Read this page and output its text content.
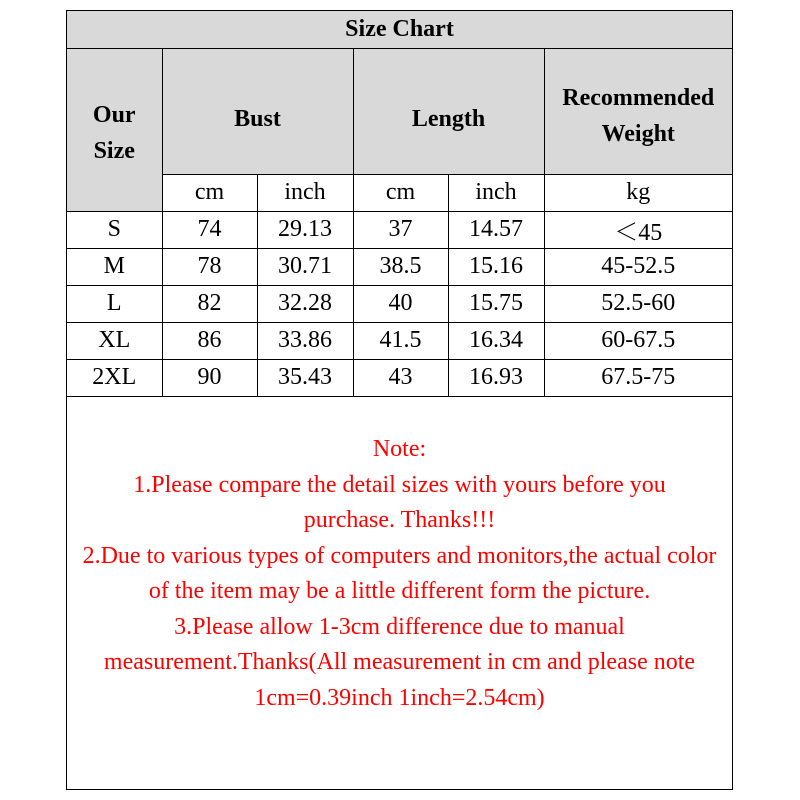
Size Chart					

Our Size	Bust		Length		Recommended Weight

	cm	inch	cm	inch	kg
S	74	29.13	37	14.57	＜45
M	78	30.71	38.5	15.16	45-52.5
L	82	32.28	40	15.75	52.5-60
XL	86	33.86	41.5	16.34	60-67.5
2XL	90	35.43	43	16.93	67.5-75
Note:
1.Please compare the detail sizes with yours before you purchase. Thanks!!!
2.Due to various types of computers and monitors,the actual color of the item may be a little different form the picture.
3.Please allow 1-3cm difference due to manual measurement.Thanks(All measurement in cm and please note 1cm=0.39inch 1inch=2.54cm)
